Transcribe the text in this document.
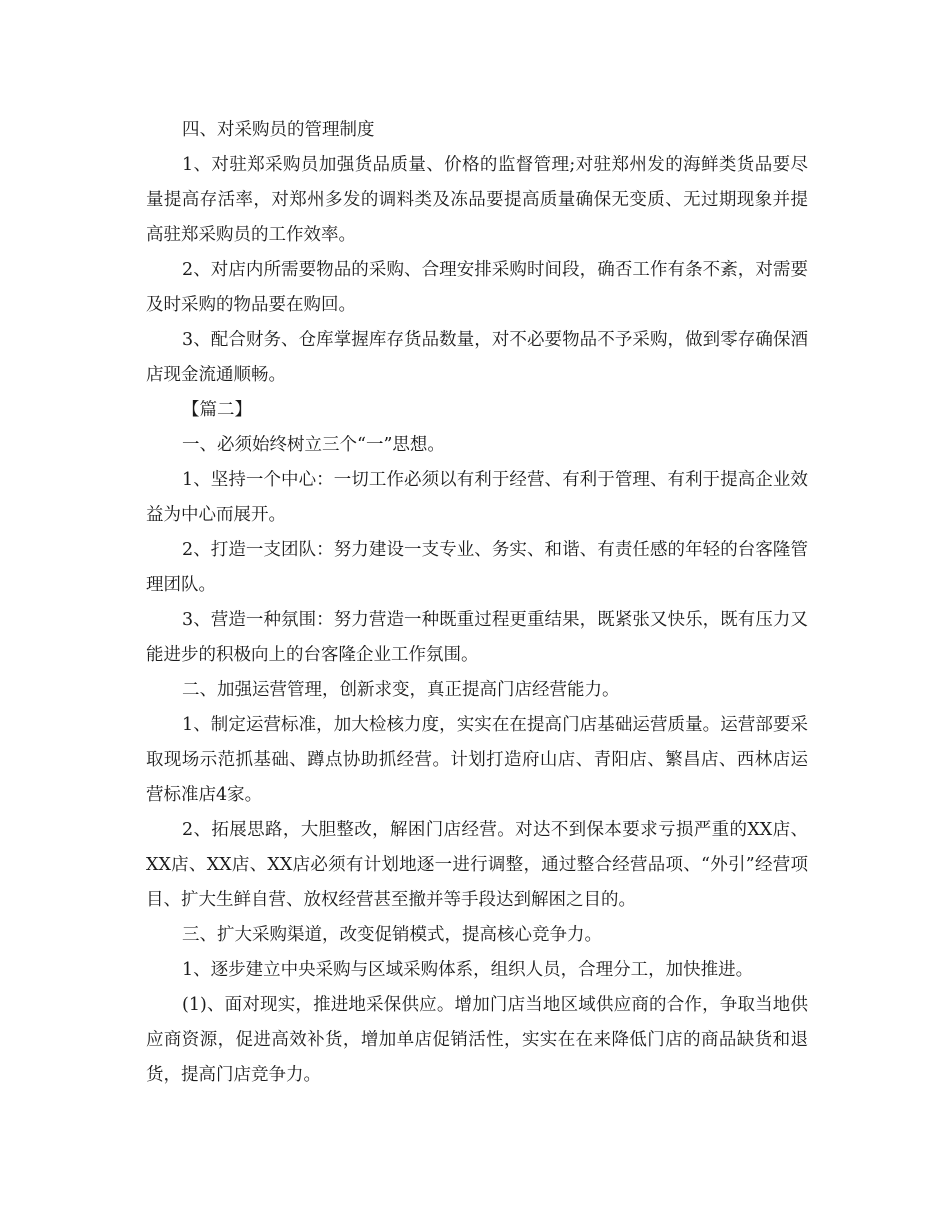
四、对采购员的管理制度

1、对驻郑采购员加强货品质量、价格的监督管理;对驻郑州发的海鲜类货品要尽量提高存活率，对郑州多发的调料类及冻品要提高质量确保无变质、无过期现象并提高驻郑采购员的工作效率。

2、对店内所需要物品的采购、合理安排采购时间段，确否工作有条不紊，对需要及时采购的物品要在购回。

3、配合财务、仓库掌握库存货品数量，对不必要物品不予采购，做到零存确保酒店现金流通顺畅。

【篇二】

一、必须始终树立三个“一”思想。

1、坚持一个中心：一切工作必须以有利于经营、有利于管理、有利于提高企业效益为中心而展开。

2、打造一支团队：努力建设一支专业、务实、和谐、有责任感的年轻的台客隆管理团队。

3、营造一种氛围：努力营造一种既重过程更重结果，既紧张又快乐，既有压力又能进步的积极向上的台客隆企业工作氛围。

二、加强运营管理，创新求变，真正提高门店经营能力。

1、制定运营标准，加大检核力度，实实在在提高门店基础运营质量。运营部要采取现场示范抓基础、蹲点协助抓经营。计划打造府山店、青阳店、繁昌店、西林店运营标准店4家。

2、拓展思路，大胆整改，解困门店经营。对达不到保本要求亏损严重的XX店、XX店、XX店、XX店必须有计划地逐一进行调整，通过整合经营品项、“外引”经营项目、扩大生鲜自营、放权经营甚至撤并等手段达到解困之目的。

三、扩大采购渠道，改变促销模式，提高核心竞争力。

1、逐步建立中央采购与区域采购体系，组织人员，合理分工，加快推进。

(1)、面对现实，推进地采保供应。增加门店当地区域供应商的合作，争取当地供应商资源，促进高效补货，增加单店促销活性，实实在在来降低门店的商品缺货和退货，提高门店竞争力。
